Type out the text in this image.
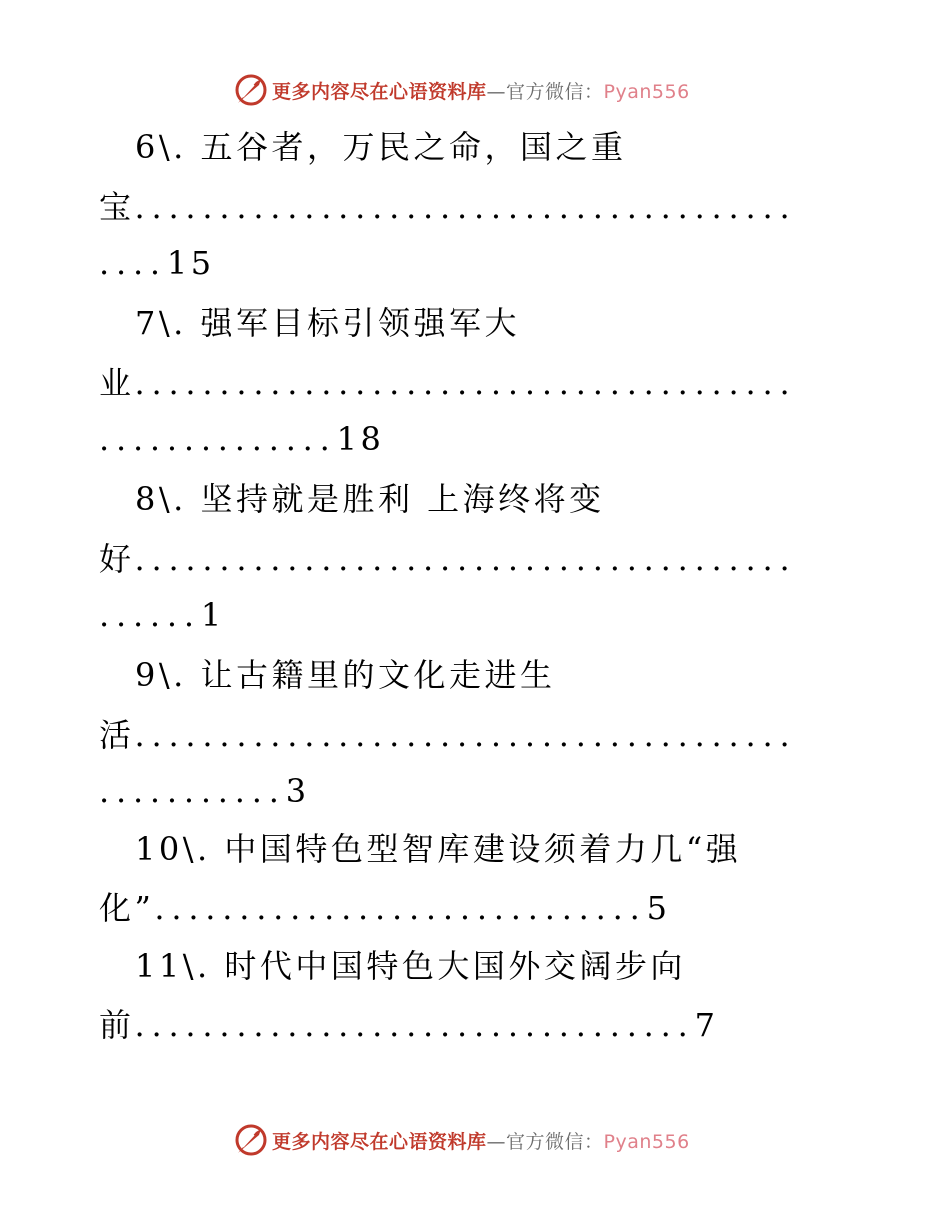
更多内容尽在心语资料库—官方微信：Pyan556
6\. 五谷者，万民之命，国之重
宝.......................................
....15
7\. 强军目标引领强军大
业.......................................
..............18
8\. 坚持就是胜利 上海终将变
好.......................................
......1
9\. 让古籍里的文化走进生
活.......................................
...........3
10\. 中国特色型智库建设须着力几“强
化”.............................5
11\. 时代中国特色大国外交阔步向
前.................................7
更多内容尽在心语资料库—官方微信：Pyan556
